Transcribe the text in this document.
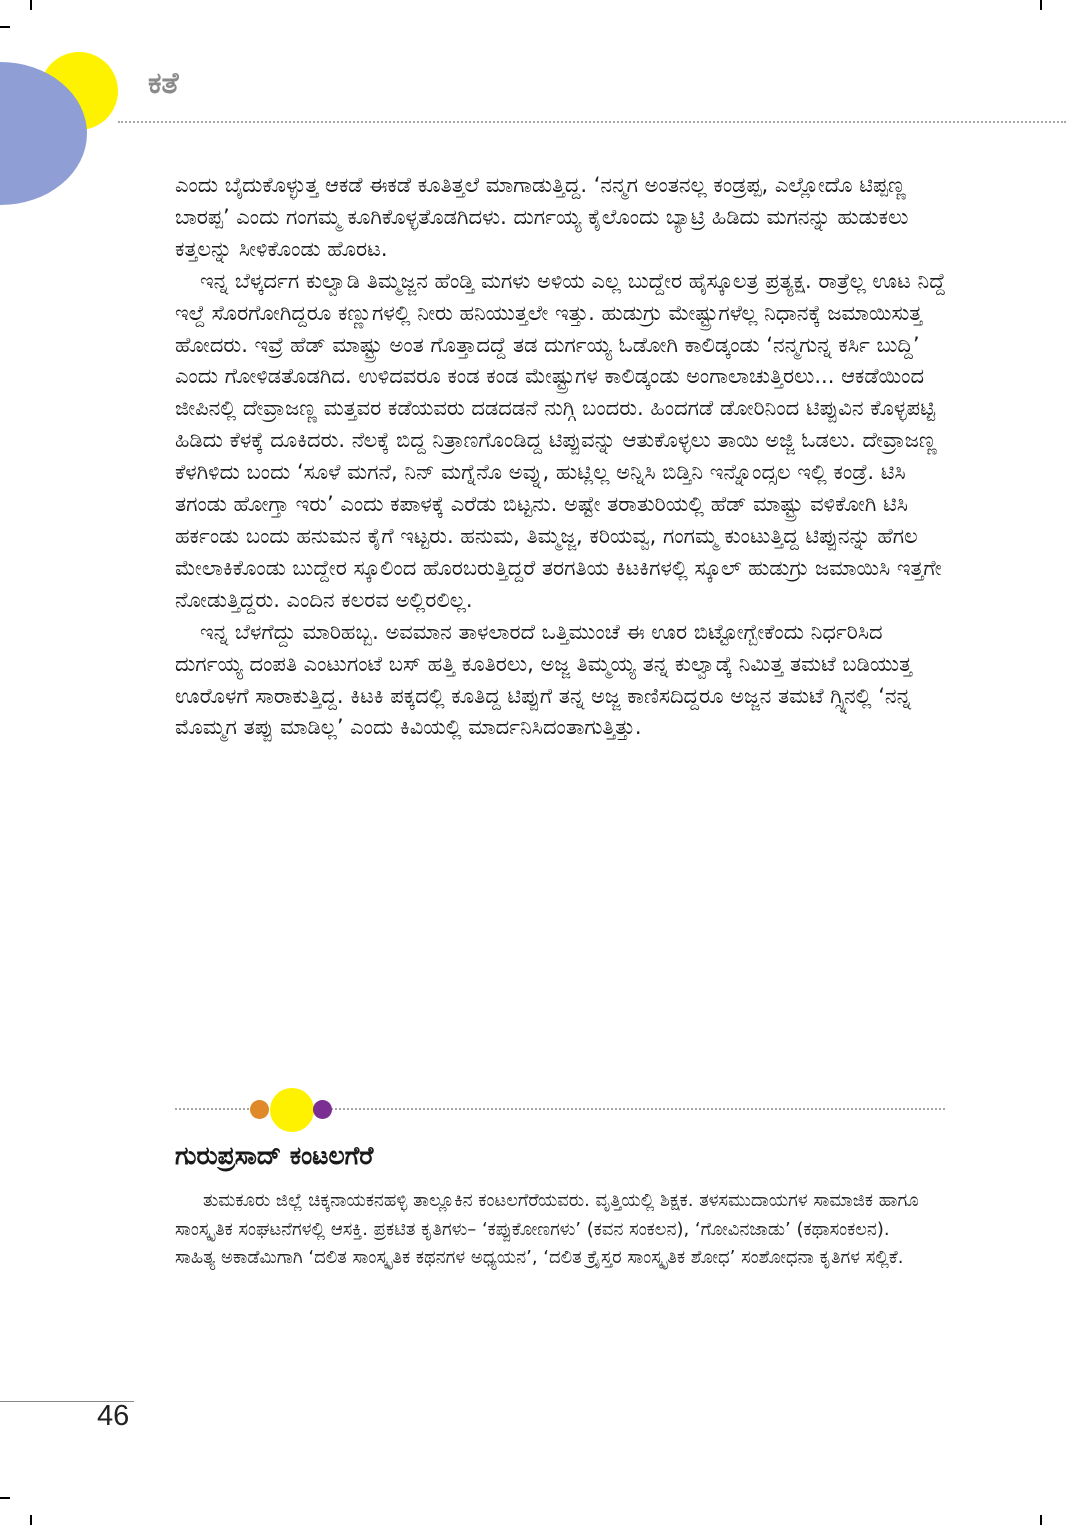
ಕತೆ

ಎಂದು ಬೈದುಕೊಳ್ಳುತ್ತ ಆಕಡೆ ಈಕಡೆ ಕೂತಿತ್ತಲೆ ಮಾಗಾಡುತ್ತಿದ್ದ. ‘ನನ್ಮಗ ಅಂತನಲ್ಲ ಕಂಡ್ರಪ್ಪ, ಎಲ್ಲೋದೊ ಟಿಪ್ಪಣ್ಣ ಬಾರಪ್ಪ’ ಎಂದು ಗಂಗಮ್ಮ ಕೂಗಿಕೊಳ್ಳತೊಡಗಿದಳು. ದುರ್ಗಯ್ಯ ಕೈಲೊಂದು ಬ್ಯಾಟ್ರಿ ಹಿಡಿದು ಮಗನನ್ನು ಹುಡುಕಲು ಕತ್ತಲನ್ನು ಸೀಳಿಕೊಂಡು ಹೊರಟ.

ಇನ್ನ ಬೆಳ್ಕರ್ದಗ ಕುಲ್ವಾಡಿ ತಿಮ್ಮಜ್ಜನ ಹೆಂಡ್ತಿ ಮಗಳು ಅಳಿಯ ಎಲ್ಲ ಬುದ್ದೇರ ಹೈಸ್ಕೂಲತ್ರ ಪ್ರತ್ಯಕ್ಷ. ರಾತ್ರೆಲ್ಲ ಊಟ ನಿದ್ದೆ ಇಲ್ದೆ ಸೊರಗೋಗಿದ್ದರೂ ಕಣ್ಣುಗಳಲ್ಲಿ ನೀರು ಹನಿಯುತ್ತಲೇ ಇತ್ತು. ಹುಡುಗ್ರು ಮೇಷ್ಟ್ರುಗಳೆಲ್ಲ ನಿಧಾನಕ್ಕೆ ಜಮಾಯಿಸುತ್ತ ಹೋದರು. ಇವ್ರೆ ಹೆಡ್ ಮಾಷ್ಟ್ರು ಅಂತ ಗೊತ್ತಾದದ್ದೆ ತಡ ದುರ್ಗಯ್ಯ ಓಡೋಗಿ ಕಾಲಿಡ್ಕಂಡು ‘ನನ್ಮಗುನ್ನ ಕರ್ಸಿ ಬುದ್ದಿ’ ಎಂದು ಗೋಳಿಡತೊಡಗಿದ. ಉಳಿದವರೂ ಕಂಡ ಕಂಡ ಮೇಷ್ಟ್ರುಗಳ ಕಾಲಿಡ್ಕಂಡು ಅಂಗಾಲಾಚುತ್ತಿರಲು... ಆಕಡೆಯಿಂದ ಜೀಪಿನಲ್ಲಿ ದೇವ್ರಾಜಣ್ಣ ಮತ್ತವರ ಕಡೆಯವರು ದಡದಡನೆ ನುಗ್ಗಿ ಬಂದರು. ಹಿಂದಗಡೆ ಡೋರಿನಿಂದ ಟಿಪ್ಪುವಿನ ಕೊಳ್ಳಪಟ್ಟಿ ಹಿಡಿದು ಕೆಳಕ್ಕೆ ದೂಕಿದರು. ನೆಲಕ್ಕೆ ಬಿದ್ದ ನಿತ್ರಾಣಗೊಂಡಿದ್ದ ಟಿಪ್ಪುವನ್ನು ಆತುಕೊಳ್ಳಲು ತಾಯಿ ಅಜ್ಜಿ ಓಡಲು. ದೇವ್ರಾಜಣ್ಣ ಕೆಳಗಿಳಿದು ಬಂದು ‘ಸೂಳೆ ಮಗನೆ, ನಿನ್ ಮಗ್ನೆನೊ ಅವ್ನು, ಹುಟ್ಲಿಲ್ಲ ಅನ್ನಿಸಿ ಬಿಡ್ತಿನಿ ಇನ್ನೊಂದ್ಸಲ ಇಲ್ಲಿ ಕಂಡ್ರೆ. ಟಿಸಿ ತಗಂಡು ಹೋಗ್ತಾ ಇರು’ ಎಂದು ಕಪಾಳಕ್ಕೆ ಎರೆಡು ಬಿಟ್ಟನು. ಅಷ್ಟೇ ತರಾತುರಿಯಲ್ಲಿ ಹೆಡ್ ಮಾಷ್ಟ್ರು ವಳಿಕೋಗಿ ಟಿಸಿ ಹರ್ಕಂಡು ಬಂದು ಹನುಮನ ಕೈಗೆ ಇಟ್ಟರು. ಹನುಮ, ತಿಮ್ಮಜ್ಜ, ಕರಿಯವ್ವ, ಗಂಗಮ್ಮ ಕುಂಟುತ್ತಿದ್ದ ಟಿಪ್ಪುನನ್ನು ಹೆಗಲ ಮೇಲಾಕಿಕೊಂಡು ಬುದ್ದೇರ ಸ್ಕೂಲಿಂದ ಹೊರಬರುತ್ತಿದ್ದರೆ ತರಗತಿಯ ಕಿಟಕಿಗಳಲ್ಲಿ ಸ್ಕೂಲ್ ಹುಡುಗ್ರು ಜಮಾಯಿಸಿ ಇತ್ತಗೇ ನೋಡುತ್ತಿದ್ದರು. ಎಂದಿನ ಕಲರವ ಅಲ್ಲಿರಲಿಲ್ಲ.

ಇನ್ನ ಬೆಳಗೆದ್ದು ಮಾರಿಹಬ್ಬ. ಅವಮಾನ ತಾಳಲಾರದೆ ಒತ್ತಿಮುಂಚೆ ಈ ಊರ ಬಿಟ್ಟೋಗ್ಬೇಕೆಂದು ನಿರ್ಧರಿಸಿದ ದುರ್ಗಯ್ಯ ದಂಪತಿ ಎಂಟುಗಂಟೆ ಬಸ್ ಹತ್ತಿ ಕೂತಿರಲು, ಅಜ್ಜ ತಿಮ್ಮಯ್ಯ ತನ್ನ ಕುಲ್ವಾಡ್ಕೆ ನಿಮಿತ್ತ ತಮಟೆ ಬಡಿಯುತ್ತ ಊರೊಳಗೆ ಸಾರಾಕುತ್ತಿದ್ದ. ಕಿಟಕಿ ಪಕ್ಕದಲ್ಲಿ ಕೂತಿದ್ದ ಟಿಪ್ಪುಗೆ ತನ್ನ ಅಜ್ಜ ಕಾಣಿಸದಿದ್ದರೂ ಅಜ್ಜನ ತಮಟೆ ಗ್ಸ್ನಿನಲ್ಲಿ ‘ನನ್ನ ಮೊಮ್ಮಗ ತಪ್ಪು ಮಾಡಿಲ್ಲ’ ಎಂದು ಕಿವಿಯಲ್ಲಿ ಮಾರ್ದನಿಸಿದಂತಾಗುತ್ತಿತ್ತು.

ಗುರುಪ್ರಸಾದ್ ಕಂಟಲಗೆರೆ

ತುಮಕೂರು ಜಿಲ್ಲೆ ಚಿಕ್ಕನಾಯಕನಹಳ್ಳಿ ತಾಲ್ಲೂಕಿನ ಕಂಟಲಗೆರೆಯವರು. ವೃತ್ತಿಯಲ್ಲಿ ಶಿಕ್ಷಕ. ತಳಸಮುದಾಯಗಳ ಸಾಮಾಜಿಕ ಹಾಗೂ ಸಾಂಸ್ಕೃತಿಕ ಸಂಘಟನೆಗಳಲ್ಲಿ ಆಸಕ್ತಿ. ಪ್ರಕಟಿತ ಕೃತಿಗಳು– ‘ಕಪ್ಪುಕೋಣಗಳು’ (ಕವನ ಸಂಕಲನ), ‘ಗೋವಿನಜಾಡು’ (ಕಥಾಸಂಕಲನ). ಸಾಹಿತ್ಯ ಅಕಾಡೆಮಿಗಾಗಿ ‘ದಲಿತ ಸಾಂಸ್ಕೃತಿಕ ಕಥನಗಳ ಅಧ್ಯಯನ’, ‘ದಲಿತ ಕ್ರೈಸ್ತರ ಸಾಂಸ್ಕೃತಿಕ ಶೋಧ’ ಸಂಶೋಧನಾ ಕೃತಿಗಳ ಸಲ್ಲಿಕೆ.

46
